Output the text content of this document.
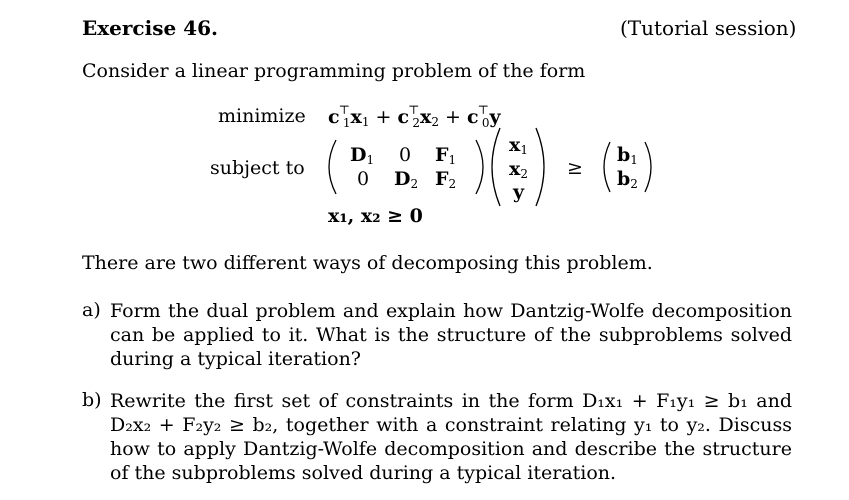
Exercise 46.	(Tutorial session)
Consider a linear programming problem of the form
minimize
subject to
$c^⊤_1x1 + c^⊤_2x2 + c^⊤_0y$
D1 0 F1
0 D2 F2
x1
x2
y
≥
b1
b2
x₁, x₂ ≥ 0
There are two different ways of decomposing this problem.
a) Form the dual problem and explain how Dantzig-Wolfe decomposition can be applied to it. What is the structure of the subproblems solved during a typical iteration?
b) Rewrite the first set of constraints in the form D₁x₁ + F₁y₁ ≥ b₁ and D₂x₂ + F₂y₂ ≥ b₂, together with a constraint relating y₁ to y₂. Discuss how to apply Dantzig-Wolfe decomposition and describe the structure of the subproblems solved during a typical iteration.
